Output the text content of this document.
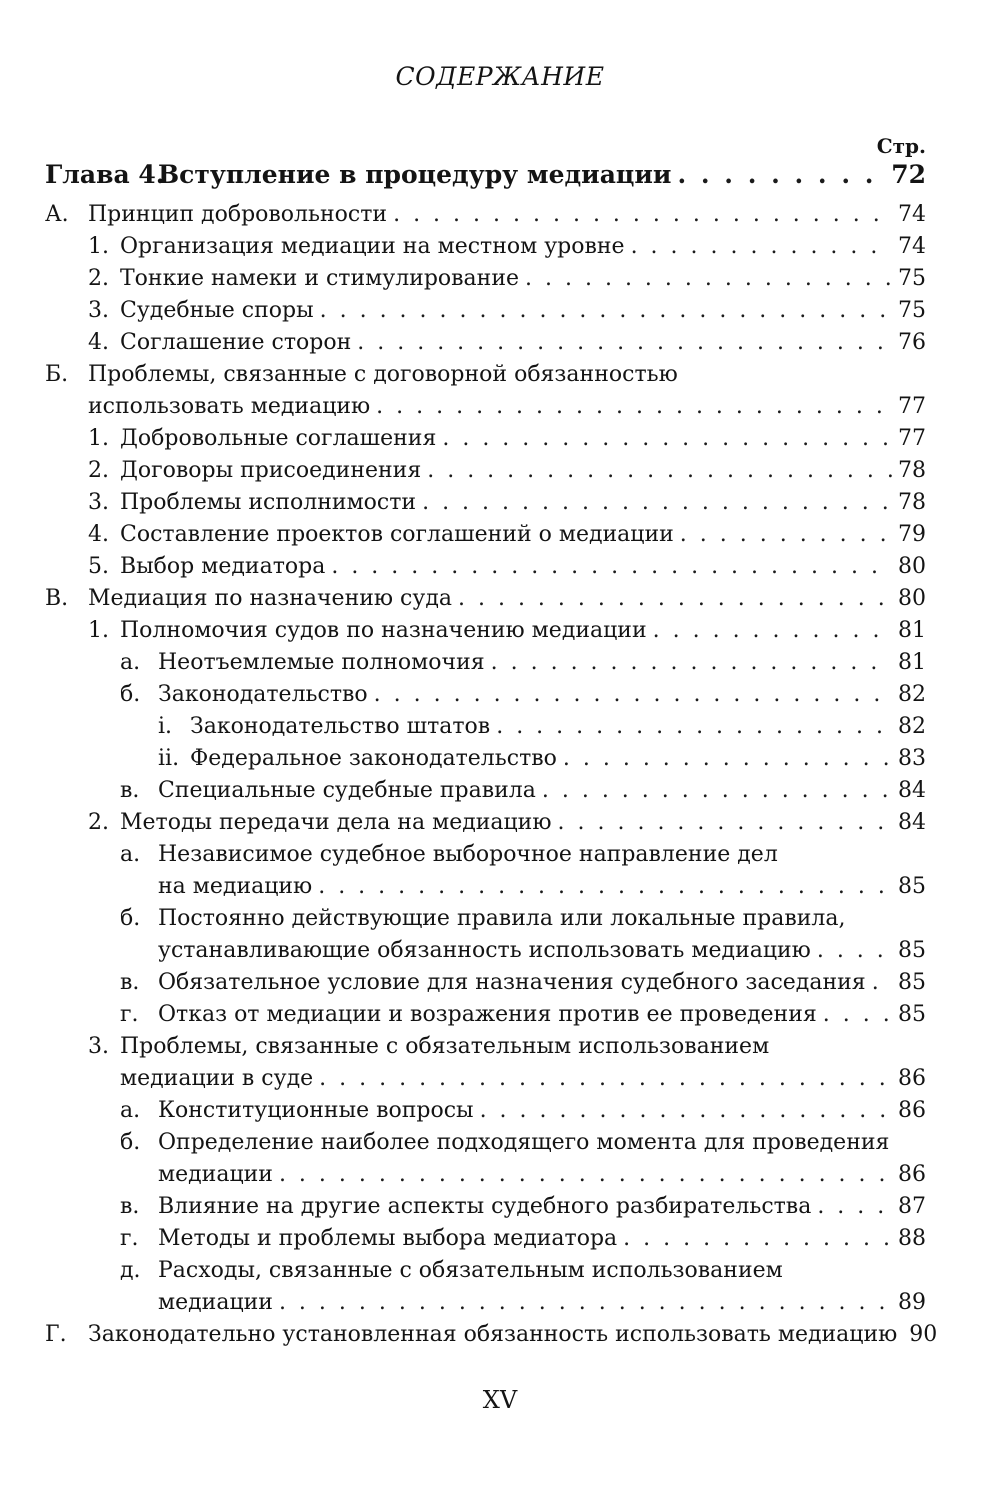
СОДЕРЖАНИЕ
Стр.
Глава 4.
Вступление в процедуру медиации . . .	72
А. Принцип добровольности . . .	74
1. Организация медиации на местном уровне . . .	74
2. Тонкие намеки и стимулирование . . .	75
3. Судебные споры . . .	75
4. Соглашение сторон . . .	76
Б. Проблемы, связанные с договорной обязанностью
использовать медиацию . . .	77
1. Добровольные соглашения . . .	77
2. Договоры присоединения . . .	78
3. Проблемы исполнимости . . .	78
4. Составление проектов соглашений о медиации . . .	79
5. Выбор медиатора . . .	80
В. Медиация по назначению суда . . .	80
1. Полномочия судов по назначению медиации . . .	81
а. Неотъемлемые полномочия . . .	81
б. Законодательство . . .	82
i. Законодательство штатов . . .	82
ii. Федеральное законодательство . . .	83
в. Специальные судебные правила . . .	84
2. Методы передачи дела на медиацию . . .	84
а. Независимое судебное выборочное направление дел
на медиацию . . .	85
б. Постоянно действующие правила или локальные правила,
устанавливающие обязанность использовать медиацию . . .	85
в. Обязательное условие для назначения судебного заседания . . . 85
г. Отказ от медиации и возражения против ее проведения . . .	85
3. Проблемы, связанные с обязательным использованием
медиации в суде . . .	86
а. Конституционные вопросы . . .	86
б. Определение наиболее подходящего момента для проведения
медиации . . .	86
в. Влияние на другие аспекты судебного разбирательства . . .	87
г. Методы и проблемы выбора медиатора . . .	88
д. Расходы, связанные с обязательным использованием
медиации . . .	89
Г. Законодательно установленная обязанность использовать медиацию 90
XV
